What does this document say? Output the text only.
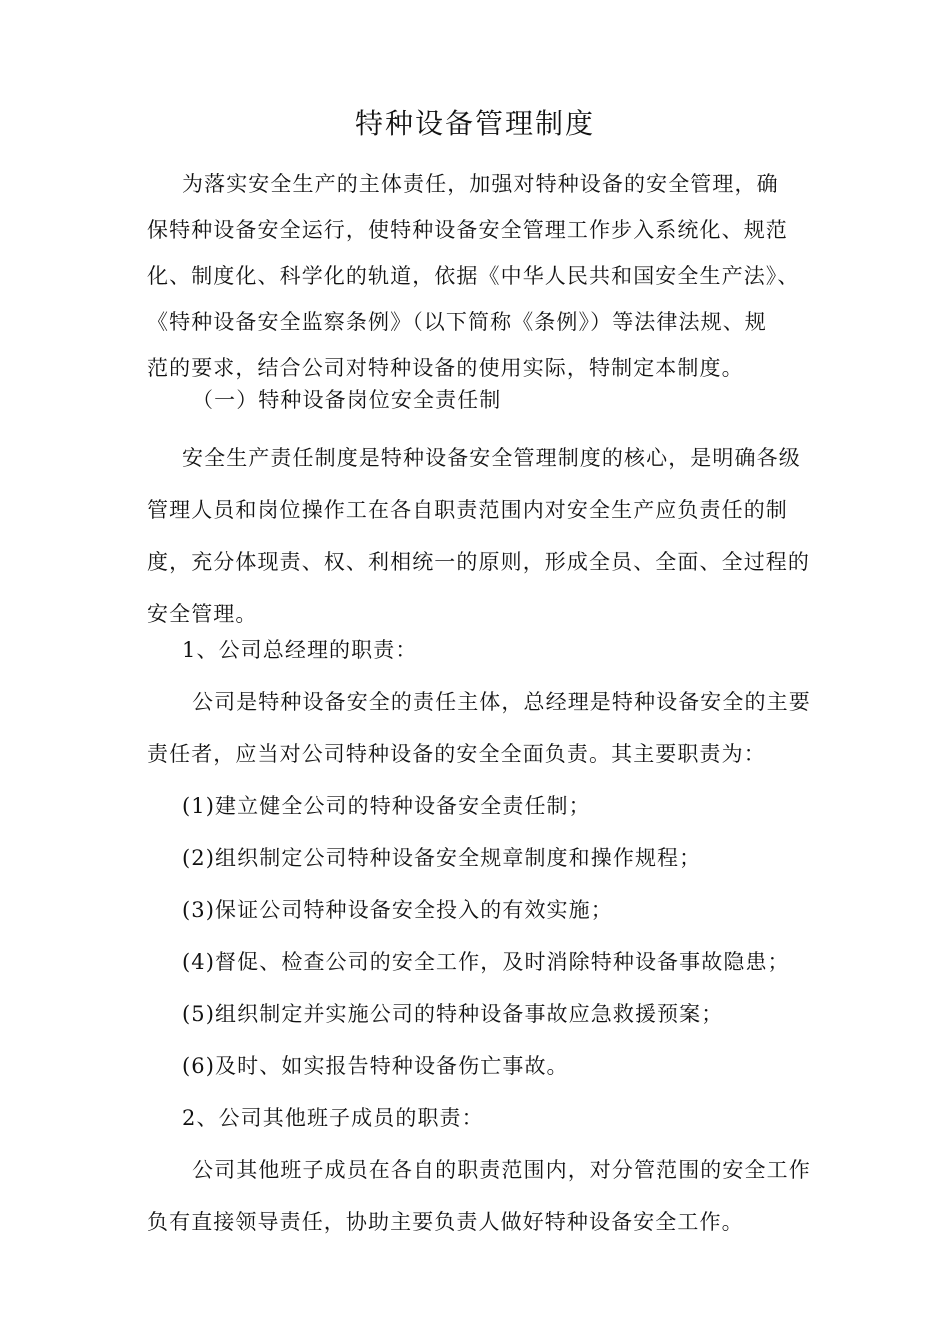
特种设备管理制度
为落实安全生产的主体责任，加强对特种设备的安全管理，确
保特种设备安全运行，使特种设备安全管理工作步入系统化、规范
化、制度化、科学化的轨道，依据《中华人民共和国安全生产法》、
《特种设备安全监察条例》（以下简称《条例》）等法律法规、规
范的要求，结合公司对特种设备的使用实际，特制定本制度。
（一）特种设备岗位安全责任制
安全生产责任制度是特种设备安全管理制度的核心，是明确各级
管理人员和岗位操作工在各自职责范围内对安全生产应负责任的制
度，充分体现责、权、利相统一的原则，形成全员、全面、全过程的
安全管理。
1、公司总经理的职责：
公司是特种设备安全的责任主体，总经理是特种设备安全的主要
责任者，应当对公司特种设备的安全全面负责。其主要职责为：
(1)建立健全公司的特种设备安全责任制；
(2)组织制定公司特种设备安全规章制度和操作规程；
(3)保证公司特种设备安全投入的有效实施；
(4)督促、检查公司的安全工作，及时消除特种设备事故隐患；
(5)组织制定并实施公司的特种设备事故应急救援预案；
(6)及时、如实报告特种设备伤亡事故。
2、公司其他班子成员的职责：
公司其他班子成员在各自的职责范围内，对分管范围的安全工作
负有直接领导责任，协助主要负责人做好特种设备安全工作。
